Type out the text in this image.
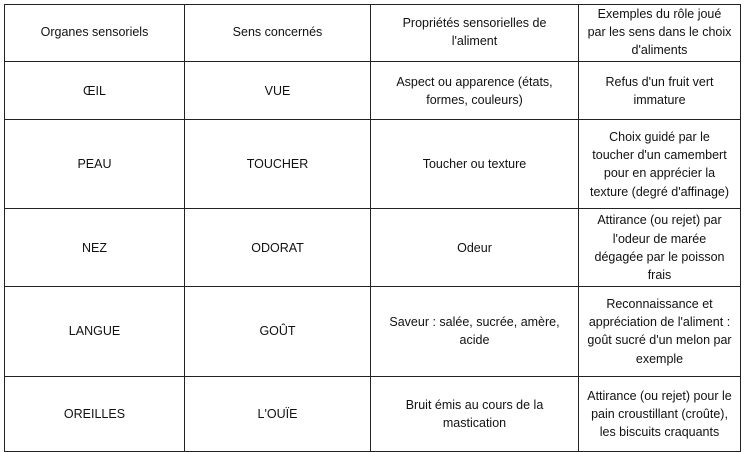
Organes sensoriels	Sens concernés	Propriétés sensorielles de l'aliment	Exemples du rôle joué par les sens dans le choix d'aliments
ŒIL	VUE	Aspect ou apparence (états, formes, couleurs)	Refus d'un fruit vert immature
PEAU	TOUCHER	Toucher ou texture	Choix guidé par le toucher d'un camembert pour en apprécier la texture (degré d'affinage)
NEZ	ODORAT	Odeur	Attirance (ou rejet) par l'odeur de marée dégagée par le poisson frais
LANGUE	GOÛT	Saveur : salée, sucrée, amère, acide	Reconnaissance et appréciation de l'aliment : goût sucré d'un melon par exemple
OREILLES	L'OUÏE	Bruit émis au cours de la mastication	Attirance (ou rejet) pour le pain croustillant (croûte), les biscuits craquants
